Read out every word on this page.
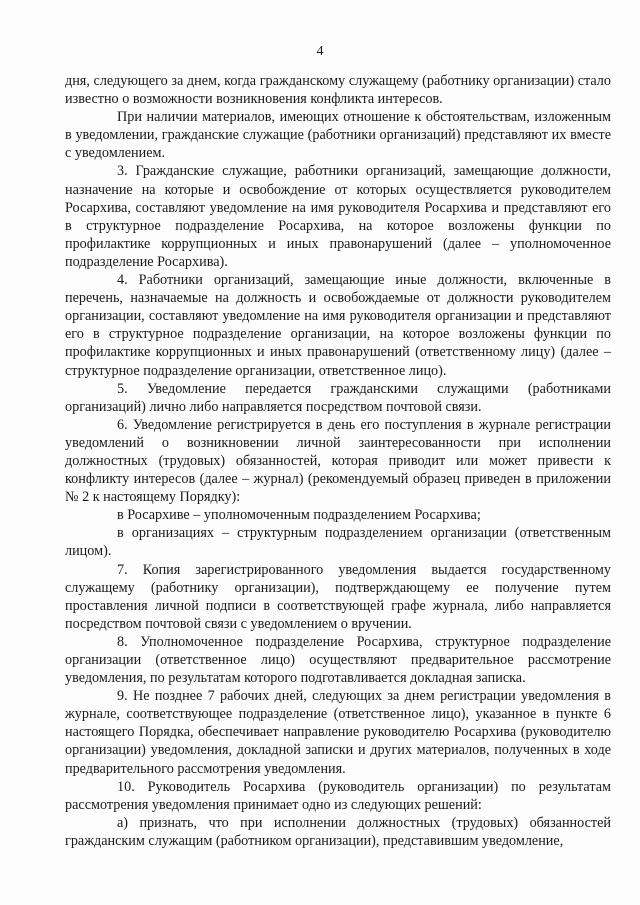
4

дня, следующего за днем, когда гражданскому служащему (работнику организации) стало известно о возможности возникновения конфликта интересов.

При наличии материалов, имеющих отношение к обстоятельствам, изложенным в уведомлении, гражданские служащие (работники организаций) представляют их вместе с уведомлением.

3. Гражданские служащие, работники организаций, замещающие должности, назначение на которые и освобождение от которых осуществляется руководителем Росархива, составляют уведомление на имя руководителя Росархива и представляют его в структурное подразделение Росархива, на которое возложены функции по профилактике коррупционных и иных правонарушений (далее – уполномоченное подразделение Росархива).

4. Работники организаций, замещающие иные должности, включенные в перечень, назначаемые на должность и освобождаемые от должности руководителем организации, составляют уведомление на имя руководителя организации и представляют его в структурное подразделение организации, на которое возложены функции по профилактике коррупционных и иных правонарушений (ответственному лицу) (далее – структурное подразделение организации, ответственное лицо).

5. Уведомление передается гражданскими служащими (работниками организаций) лично либо направляется посредством почтовой связи.

6. Уведомление регистрируется в день его поступления в журнале регистрации уведомлений о возникновении личной заинтересованности при исполнении должностных (трудовых) обязанностей, которая приводит или может привести к конфликту интересов (далее – журнал) (рекомендуемый образец приведен в приложении № 2 к настоящему Порядку):

в Росархиве – уполномоченным подразделением Росархива;

в организациях – структурным подразделением организации (ответственным лицом).

7. Копия зарегистрированного уведомления выдается государственному служащему (работнику организации), подтверждающему ее получение путем проставления личной подписи в соответствующей графе журнала, либо направляется посредством почтовой связи с уведомлением о вручении.

8. Уполномоченное подразделение Росархива, структурное подразделение организации (ответственное лицо) осуществляют предварительное рассмотрение уведомления, по результатам которого подготавливается докладная записка.

9. Не позднее 7 рабочих дней, следующих за днем регистрации уведомления в журнале, соответствующее подразделение (ответственное лицо), указанное в пункте 6 настоящего Порядка, обеспечивает направление руководителю Росархива (руководителю организации) уведомления, докладной записки и других материалов, полученных в ходе предварительного рассмотрения уведомления.

10. Руководитель Росархива (руководитель организации) по результатам рассмотрения уведомления принимает одно из следующих решений:

а) признать, что при исполнении должностных (трудовых) обязанностей гражданским служащим (работником организации), представившим уведомление,
